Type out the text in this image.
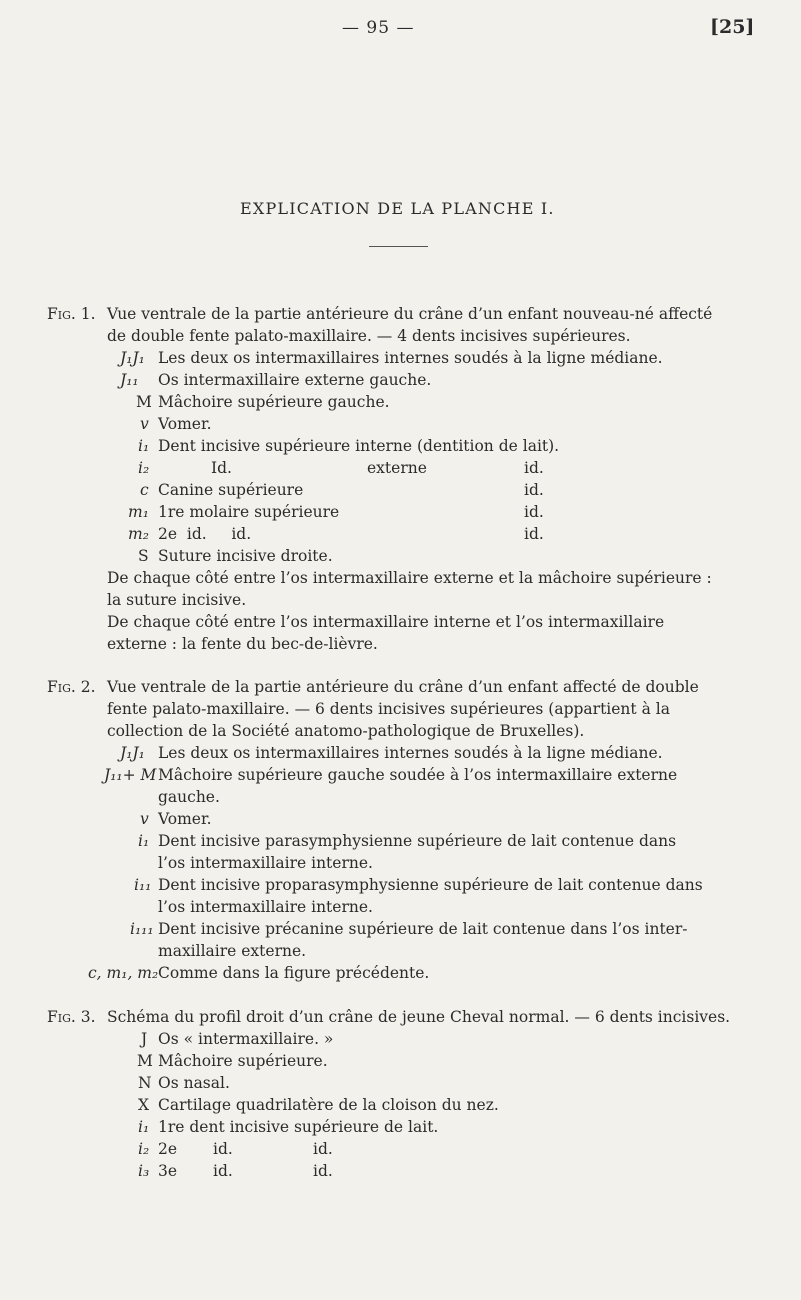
— 95 —	[25]
EXPLICATION DE LA PLANCHE I.
Fig. 1. Vue ventrale de la partie antérieure du crâne d’un enfant nouveau-né affecté
de double fente palato-maxillaire. — 4 dents incisives supérieures.
J₁J₁ Les deux os intermaxillaires internes soudés à la ligne médiane.
J₁₁ Os intermaxillaire externe gauche.
M Mâchoire supérieure gauche.
v Vomer.
i₁ Dent incisive supérieure interne (dentition de lait).
i₂	Id.	externe	id.
c Canine supérieure	id.
m₁ 1re molaire supérieure	id.
m₂ 2e  id.     id.	id.
S Suture incisive droite.
De chaque côté entre l’os intermaxillaire externe et la mâchoire supérieure :
la suture incisive.
De chaque côté entre l’os intermaxillaire interne et l’os intermaxillaire
externe : la fente du bec-de-lièvre.
Fig. 2. Vue ventrale de la partie antérieure du crâne d’un enfant affecté de double
fente palato-maxillaire. — 6 dents incisives supérieures (appartient à la
collection de la Société anatomo-pathologique de Bruxelles).
J₁J₁ Les deux os intermaxillaires internes soudés à la ligne médiane.
J₁₁+ M Mâchoire supérieure gauche soudée à l’os intermaxillaire externe
gauche.
v Vomer.
i₁ Dent incisive parasymphysienne supérieure de lait contenue dans
l’os intermaxillaire interne.
i₁₁ Dent incisive proparasymphysienne supérieure de lait contenue dans
l’os intermaxillaire interne.
i₁₁₁ Dent incisive précanine supérieure de lait contenue dans l’os inter-
maxillaire externe.
c, m₁, m₂ Comme dans la figure précédente.
Fig. 3. Schéma du profil droit d’un crâne de jeune Cheval normal. — 6 dents incisives.
J Os « intermaxillaire. »
M Mâchoire supérieure.
N Os nasal.
X Cartilage quadrilatère de la cloison du nez.
i₁ 1re dent incisive supérieure de lait.
i₂ 2e id.	id.
i₃ 3e id.	id.
